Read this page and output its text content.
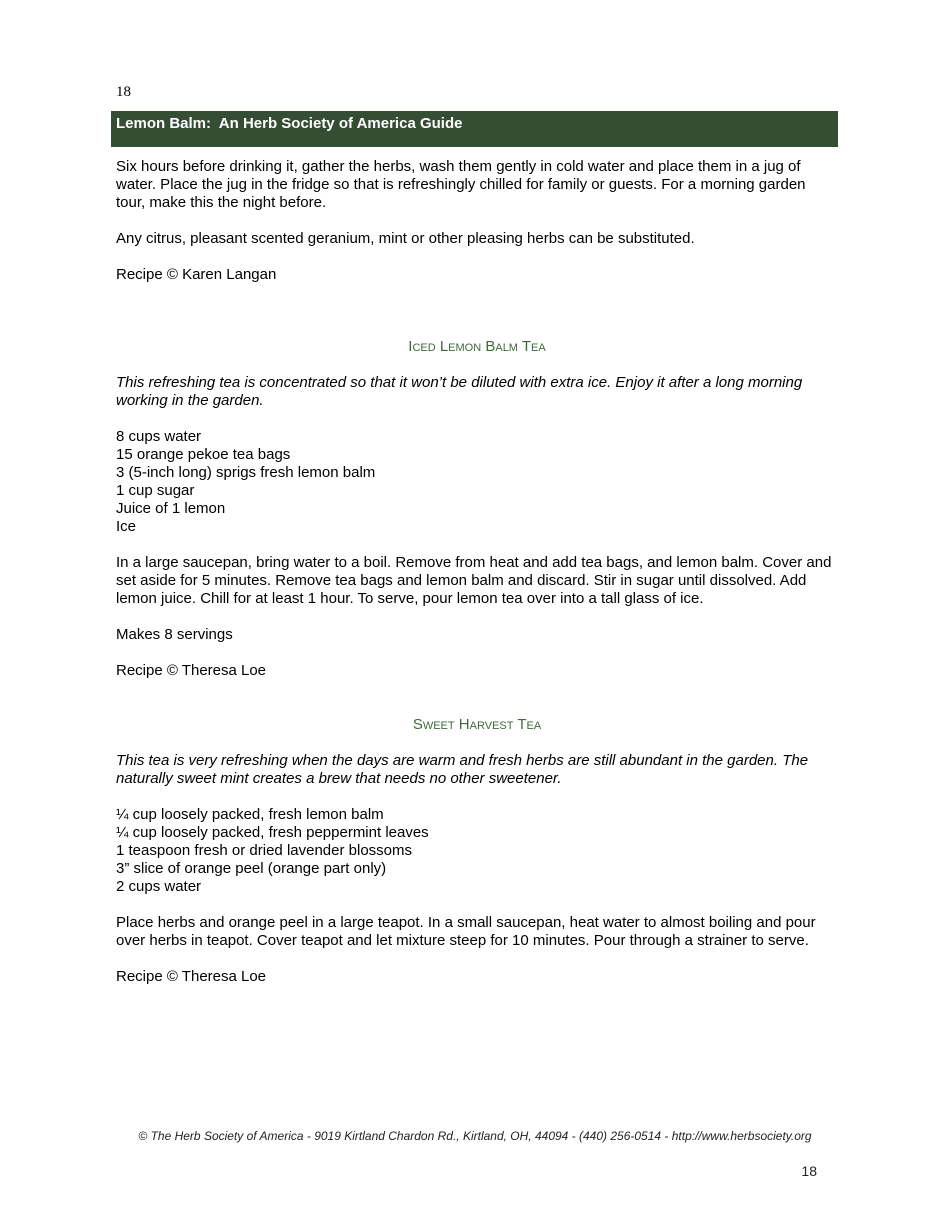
18
Lemon Balm:  An Herb Society of America Guide

Six hours before drinking it, gather the herbs, wash them gently in cold water and place them in a jug of water. Place the jug in the fridge so that is refreshingly chilled for family or guests. For a morning garden tour, make this the night before.

Any citrus, pleasant scented geranium, mint or other pleasing herbs can be substituted.

Recipe © Karen Langan

Iced Lemon Balm Tea

This refreshing tea is concentrated so that it won’t be diluted with extra ice. Enjoy it after a long morning working in the garden.

8 cups water
15 orange pekoe tea bags
3 (5-inch long) sprigs fresh lemon balm
1 cup sugar
Juice of 1 lemon
Ice

In a large saucepan, bring water to a boil. Remove from heat and add tea bags, and lemon balm. Cover and set aside for 5 minutes. Remove tea bags and lemon balm and discard. Stir in sugar until dissolved. Add lemon juice. Chill for at least 1 hour. To serve, pour lemon tea over into a tall glass of ice.

Makes 8 servings

Recipe © Theresa Loe

Sweet Harvest Tea

This tea is very refreshing when the days are warm and fresh herbs are still abundant in the garden. The naturally sweet mint creates a brew that needs no other sweetener.

¼ cup loosely packed, fresh lemon balm
¼ cup loosely packed, fresh peppermint leaves
1 teaspoon fresh or dried lavender blossoms
3” slice of orange peel (orange part only)
2 cups water

Place herbs and orange peel in a large teapot. In a small saucepan, heat water to almost boiling and pour over herbs in teapot. Cover teapot and let mixture steep for 10 minutes. Pour through a strainer to serve.

Recipe © Theresa Loe

© The Herb Society of America - 9019 Kirtland Chardon Rd., Kirtland, OH, 44094 - (440) 256-0514 - http://www.herbsociety.org
18
